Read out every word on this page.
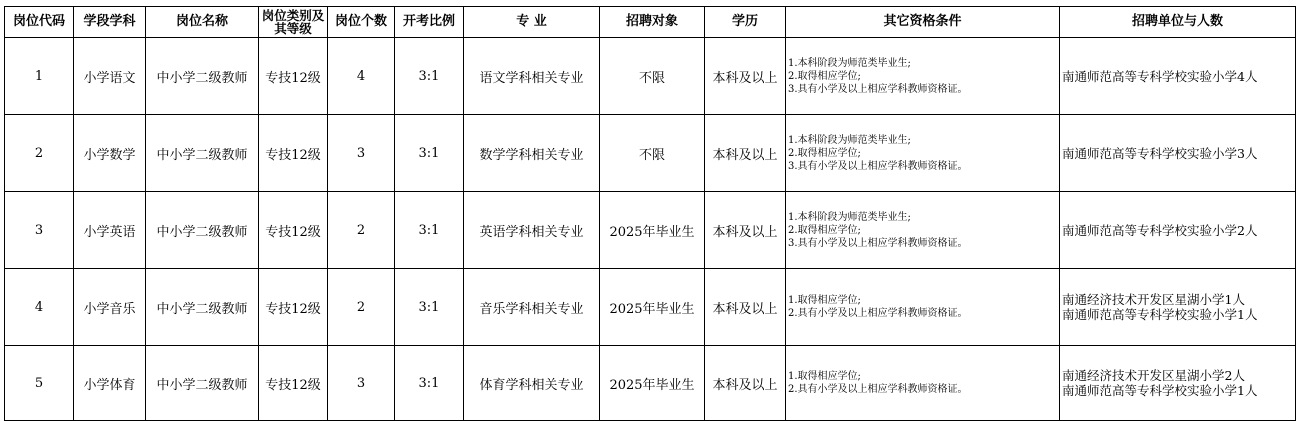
岗位代码	学段学科	岗位名称	岗位类别及其等级	岗位个数	开考比例	专 业	招聘对象	学历	其它资格条件	招聘单位与人数
1	小学语文	中小学二级教师	专技12级	4	3:1	语文学科相关专业	不限	本科及以上	1.本科阶段为师范类毕业生;
2.取得相应学位;
3.具有小学及以上相应学科教师资格证。	南通师范高等专科学校实验小学4人

2	小学数学	中小学二级教师	专技12级	3	3:1	数学学科相关专业	不限	本科及以上	1.本科阶段为师范类毕业生;
2.取得相应学位;
3.具有小学及以上相应学科教师资格证。	南通师范高等专科学校实验小学3人

3	小学英语	中小学二级教师	专技12级	2	3:1	英语学科相关专业	2025年毕业生	本科及以上	1.本科阶段为师范类毕业生;
2.取得相应学位;
3.具有小学及以上相应学科教师资格证。	南通师范高等专科学校实验小学2人

4	小学音乐	中小学二级教师	专技12级	2	3:1	音乐学科相关专业	2025年毕业生	本科及以上	1.取得相应学位;
2.具有小学及以上相应学科教师资格证。	南通经济技术开发区星湖小学1人
南通师范高等专科学校实验小学1人

5	小学体育	中小学二级教师	专技12级	3	3:1	体育学科相关专业	2025年毕业生	本科及以上	1.取得相应学位;
2.具有小学及以上相应学科教师资格证。	南通经济技术开发区星湖小学2人
南通师范高等专科学校实验小学1人
